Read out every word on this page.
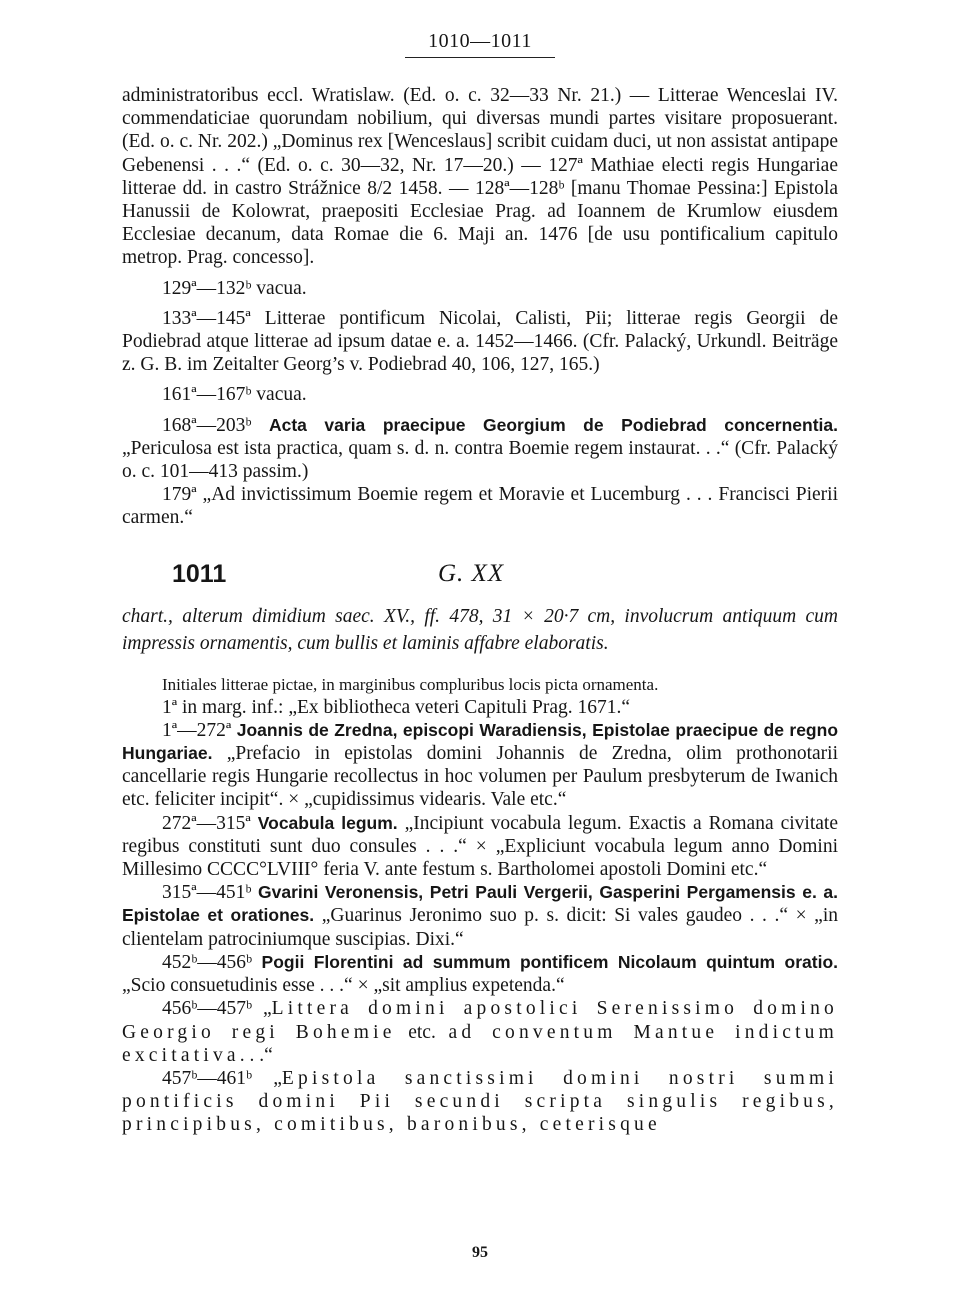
1010—1011

administratoribus eccl. Wratislaw. (Ed. o. c. 32—33 Nr. 21.) — Litterae Wenceslai IV. commendaticiae quorundam nobilium, qui diversas mundi partes visitare proposuerant. (Ed. o. c. Nr. 202.) „Dominus rex [Wenceslaus] scribit cuidam duci, ut non assistat antipape Gebenensi . . .“ (Ed. o. c. 30—32, Nr. 17—20.) — 127ª Mathiae electi regis Hungariae litterae dd. in castro Strážnice 8/2 1458. — 128ª—128ᵇ [manu Thomae Pessina:] Epistola Hanussii de Kolowrat, praepositi Ecclesiae Prag. ad Ioannem de Krumlow eiusdem Ecclesiae decanum, data Romae die 6. Maji an. 1476 [de usu pontificalium capitulo metrop. Prag. concesso].

129ª—132ᵇ vacua.

133ª—145ª Litterae pontificum Nicolai, Calisti, Pii; litterae regis Georgii de Podiebrad atque litterae ad ipsum datae e. a. 1452—1466. (Cfr. Palacký, Urkundl. Beiträge z. G. B. im Zeitalter Georg’s v. Podiebrad 40, 106, 127, 165.)

161ª—167ᵇ vacua.

168ª—203ᵇ Acta varia praecipue Georgium de Podiebrad concernentia. „Periculosa est ista practica, quam s. d. n. contra Boemie regem instaurat. . .“ (Cfr. Palacký o. c. 101—413 passim.)

179ª „Ad invictissimum Boemie regem et Moravie et Lucemburg . . . Francisci Pierii carmen.“

1011	G. XX

chart., alterum dimidium saec. XV., ff. 478, 31 × 20·7 cm, involucrum antiquum cum impressis ornamentis, cum bullis et laminis affabre elaboratis.

Initiales litterae pictae, in marginibus compluribus locis picta ornamenta.

1ª in marg. inf.: „Ex bibliotheca veteri Capituli Prag. 1671.“

1ª—272ª Joannis de Zredna, episcopi Waradiensis, Epistolae praecipue de regno Hungariae. „Prefacio in epistolas domini Johannis de Zredna, olim prothonotarii cancellarie regis Hungarie recollectus in hoc volumen per Paulum presbyterum de Iwanich etc. feliciter incipit“. × „cupidissimus videaris. Vale etc.“

272ª—315ª Vocabula legum. „Incipiunt vocabula legum. Exactis a Romana civitate regibus constituti sunt duo consules . . .“ × „Expliciunt vocabula legum anno Domini Millesimo CCCC°LVIII° feria V. ante festum s. Bartholomei apostoli Domini etc.“

315ª—451ᵇ Gvarini Veronensis, Petri Pauli Vergerii, Gasperini Pergamensis e. a. Epistolae et orationes. „Guarinus Jeronimo suo p. s. dicit: Si vales gaudeo . . .“ × „in clientelam patrociniumque suscipias. Dixi.“

452ᵇ—456ᵇ Pogii Florentini ad summum pontificem Nicolaum quintum oratio. „Scio consuetudinis esse . . .“ × „sit amplius expetenda.“

456ᵇ—457ᵇ „Littera domini apostolici Serenissimo domino Georgio regi Bohemie etc. ad conventum Mantue indictum excitativa. . .“

457ᵇ—461ᵇ „Epistola sanctissimi domini nostri summi pontificis domini Pii secundi scripta singulis regibus, principibus, comitibus, baronibus, ceterisque

95
